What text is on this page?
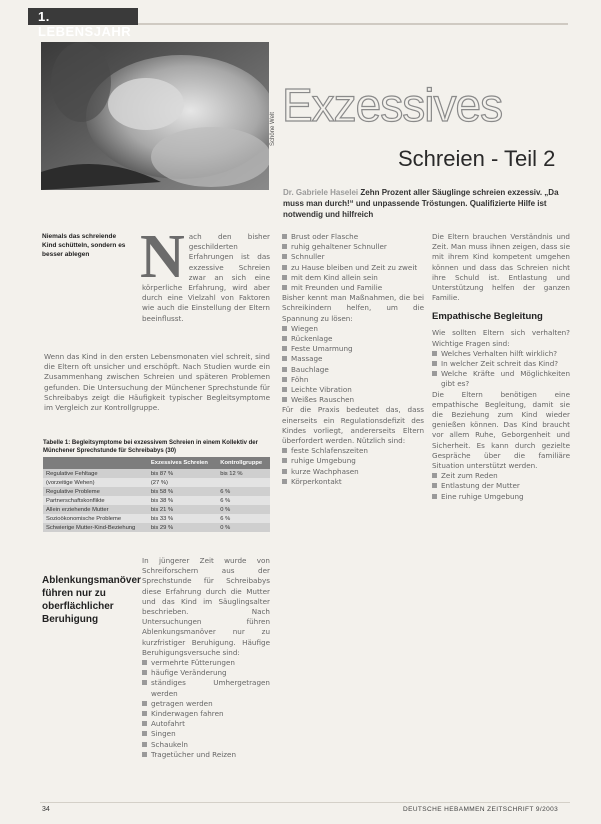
1. LEBENSJAHR
Schöne Welt Exzessives
Schreien - Teil 2
Dr. Gabriele Haselei Zehn Prozent aller Säuglinge schreien exzessiv. „Da muss man durch!“ und unpassende Tröstungen. Qualifizierte Hilfe ist notwendig und hilfreich
Niemals das schreiende Kind schütteln, sondern es besser ablegen N ach den bisher geschilderten Erfahrungen ist das exzessive Schreien zwar an sich eine körperliche Erfahrung, wird aber durch eine Vielzahl von Faktoren wie auch die Einstellung der Eltern beeinflusst.

Wenn das Kind in den ersten Lebensmonaten viel schreit, sind die Eltern oft unsicher und erschöpft. Nach Studien wurde ein Zusammenhang zwischen Schreien und späteren Problemen gefunden. Die Untersuchung der Münchener Sprechstunde für Schreibabys zeigt die Häufigkeit typischer Begleitsymptome im Vergleich zur Kontrollgruppe.

Tabelle 1: Begleitsymptome bei exzessivem Schreien in einem Kollektiv der Münchener Sprechstunde für Schreibabys (30)
	Exzessives Schreien	Kontrollgruppe
Regulative Fehltage	bis 87 %	bis 12 %
(vorzeitige Wehen)	(27 %)	
Regulative Probleme	bis 58 %	6 %
Partnerschaftskonflikte	bis 38 %	6 %
Allein erziehende Mutter	bis 21 %	0 %
Sozioökonomische Probleme	bis 33 %	6 %
Schwierige Mutter-Kind-Beziehung	bis 29 %	0 %
Ablenkungsmanöver führen nur zu oberflächlicher Beruhigung

In jüngerer Zeit wurde von Schreiforschern aus der Sprechstunde für Schreibabys diese Erfahrung durch die Mutter und das Kind im Säuglingsalter beschrieben. Nach Untersuchungen führen Ablenkungsmanöver nur zu kurzfristiger Beruhigung. Häufige Beruhigungsversuche sind:

vermehrte Fütterungen
häufige Veränderung
ständiges Umhergetragen werden
getragen werden
Kinderwagen fahren
Autofahrt
Singen
Schaukeln
Tragetücher und Reizen
Brust oder Flasche
ruhig gehaltener Schnuller
Schnuller
zu Hause bleiben und Zeit zu zweit
mit dem Kind allein sein
mit Freunden und Familie

Bisher kennt man Maßnahmen, die bei Schreikindern helfen, um die Spannung zu lösen:

Wiegen
Rückenlage
Feste Umarmung
Massage
Bauchlage
Föhn
Leichte Vibration
Weißes Rauschen

Für die Praxis bedeutet das, dass einerseits ein Regulationsdefizit des Kindes vorliegt, andererseits Eltern überfordert werden. Nützlich sind:

feste Schlafenszeiten
ruhige Umgebung
kurze Wachphasen
Körperkontakt

Die Eltern brauchen Verständnis und Zeit. Man muss ihnen zeigen, dass sie mit ihrem Kind kompetent umgehen können und dass das Schreien nicht ihre Schuld ist. Entlastung und Unterstützung helfen der ganzen Familie.

Empathische Begleitung

Wie sollten Eltern sich verhalten? Wichtige Fragen sind:

Welches Verhalten hilft wirklich?
In welcher Zeit schreit das Kind?
Welche Kräfte und Möglichkeiten gibt es?

Die Eltern benötigen eine empathische Begleitung, damit sie die Beziehung zum Kind wieder genießen können. Das Kind braucht vor allem Ruhe, Geborgenheit und Sicherheit. Es kann durch gezielte Gespräche über die familiäre Situation unterstützt werden.

Zeit zum Reden
Entlastung der Mutter
Eine ruhige Umgebung
34	DEUTSCHE HEBAMMEN ZEITSCHRIFT 9/2003
